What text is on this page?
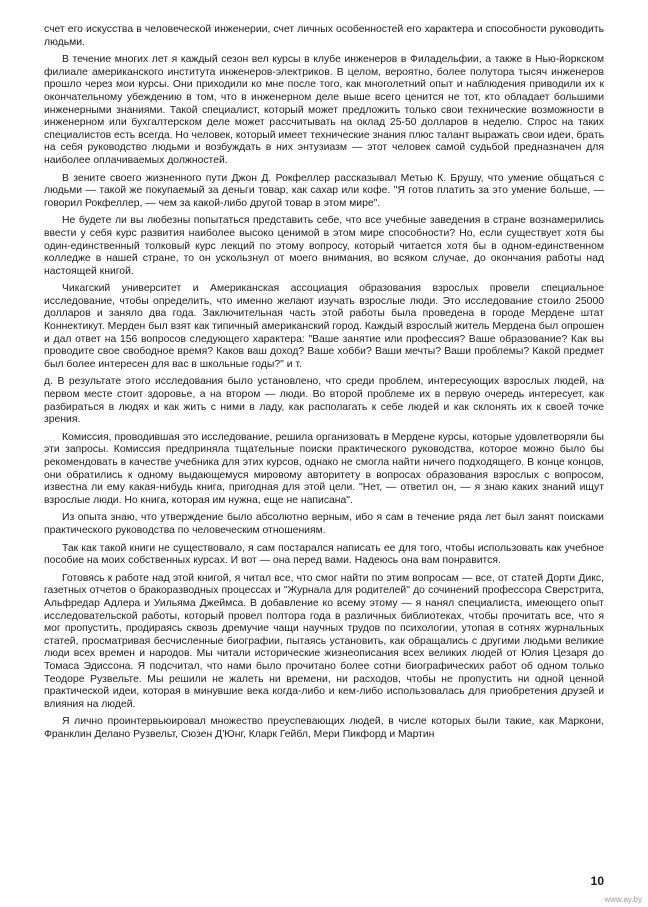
счет его искусства в человеческой инженерии, счет личных особенностей его характера и способности руководить людьми.

В течение многих лет я каждый сезон вел курсы в клубе инженеров в Филадельфии, а также в Нью-йоркском филиале американского института инженеров-электриков. В целом, вероятно, более полутора тысяч инженеров прошло через мои курсы. Они приходили ко мне после того, как многолетний опыт и наблюдения приводили их к окончательному убеждению в том, что в инженерном деле выше всего ценится не тот, кто обладает большими инженерными знаниями. Такой специалист, который может предложить только свои технические возможности в инженерном или бухгалтерском деле может рассчитывать на оклад 25-50 долларов в неделю. Спрос на таких специалистов есть всегда. Но человек, который имеет технические знания плюс талант выражать свои идеи, брать на себя руководство людьми и возбуждать в них энтузиазм — этот человек самой судьбой предназначен для наиболее оплачиваемых должностей.

В зените своего жизненного пути Джон Д. Рокфеллер рассказывал Метью К. Брушу, что умение общаться с людьми — такой же покупаемый за деньги товар, как сахар или кофе. "Я готов платить за это умение больше, — говорил Рокфеллер, — чем за какой-либо другой товар в этом мире".

Не будете ли вы любезны попытаться представить себе, что все учебные заведения в стране вознамерились ввести у себя курс развития наиболее высоко ценимой в этом мире способности? Но, если существует хотя бы один-единственный толковый курс лекций по этому вопросу, который читается хотя бы в одном-единственном колледже в нашей стране, то он ускользнул от моего внимания, во всяком случае, до окончания работы над настоящей книгой.

Чикагский университет и Американская ассоциация образования взрослых провели специальное исследование, чтобы определить, что именно желают изучать взрослые люди. Это исследование стоило 25000 долларов и заняло два года. Заключительная часть этой работы была проведена в городе Мердене штат Коннектикут. Мерден был взят как типичный американский город. Каждый взрослый житель Мердена был опрошен и дал ответ на 156 вопросов следующего характера: "Ваше занятие или профессия? Ваше образование? Как вы проводите свое свободное время? Каков ваш доход? Ваше хобби? Ваши мечты? Ваши проблемы? Какой предмет был более интересен для вас в школьные годы?" и т.

д. В результате этого исследования было установлено, что среди проблем, интересующих взрослых людей, на первом месте стоит здоровье, а на втором — люди. Во второй проблеме их в первую очередь интересует, как разбираться в людях и как жить с ними в ладу, как располагать к себе людей и как склонять их к своей точке зрения.

Комиссия, проводившая это исследование, решила организовать в Мердене курсы, которые удовлетворяли бы эти запросы. Комиссия предприняла тщательные поиски практического руководства, которое можно было бы рекомендовать в качестве учебника для этих курсов, однако не смогла найти ничего подходящего. В конце концов, они обратились к одному выдающемуся мировому авторитету в вопросах образования взрослых с вопросом, известна ли ему какая-нибудь книга, пригодная для этой цели. "Нет, — ответил он, — я знаю каких знаний ищут взрослые люди. Но книга, которая им нужна, еще не написана".

Из опыта знаю, что утверждение было абсолютно верным, ибо я сам в течение ряда лет был занят поисками практического руководства по человеческим отношениям.

Так как такой книги не существовало, я сам постарался написать ее для того, чтобы использовать как учебное пособие на моих собственных курсах. И вот — она перед вами. Надеюсь она вам понравится.

Готовясь к работе над этой книгой, я читал все, что смог найти по этим вопросам — все, от статей Дорти Дикс, газетных отчетов о бракоразводных процессах и "Журнала для родителей" до сочинений профессора Сверстрита, Альфредар Адлера и Уильяма Джеймса. В добавление ко всему этому — я нанял специалиста, имеющего опыт исследовательской работы, который провел полтора года в различных библиотеках, чтобы прочитать все, что я мог пропустить, продираясь сквозь дремучие чащи научных трудов по психологии, утопая в сотнях журнальных статей, просматривая бесчисленные биографии, пытаясь установить, как обращались с другими людьми великие люди всех времен и народов. Мы читали исторические жизнеописания всех великих людей от Юлия Цезаря до Томаса Эдиссона. Я подсчитал, что нами было прочитано более сотни биографических работ об одном только Теодоре Рузвельте. Мы решили не жалеть ни времени, ни расходов, чтобы не пропустить ни одной ценной практической идеи, которая в минувшие века когда-либо и кем-либо использовалась для приобретения друзей и влияния на людей.

Я лично проинтервьюировал множество преуспевающих людей, в числе которых были такие, как Маркони, Франклин Делано Рузвельт, Сюзен Д'Юнг, Кларк Гейбл, Мери Пикфорд и Мартин

10
www.ay.by
